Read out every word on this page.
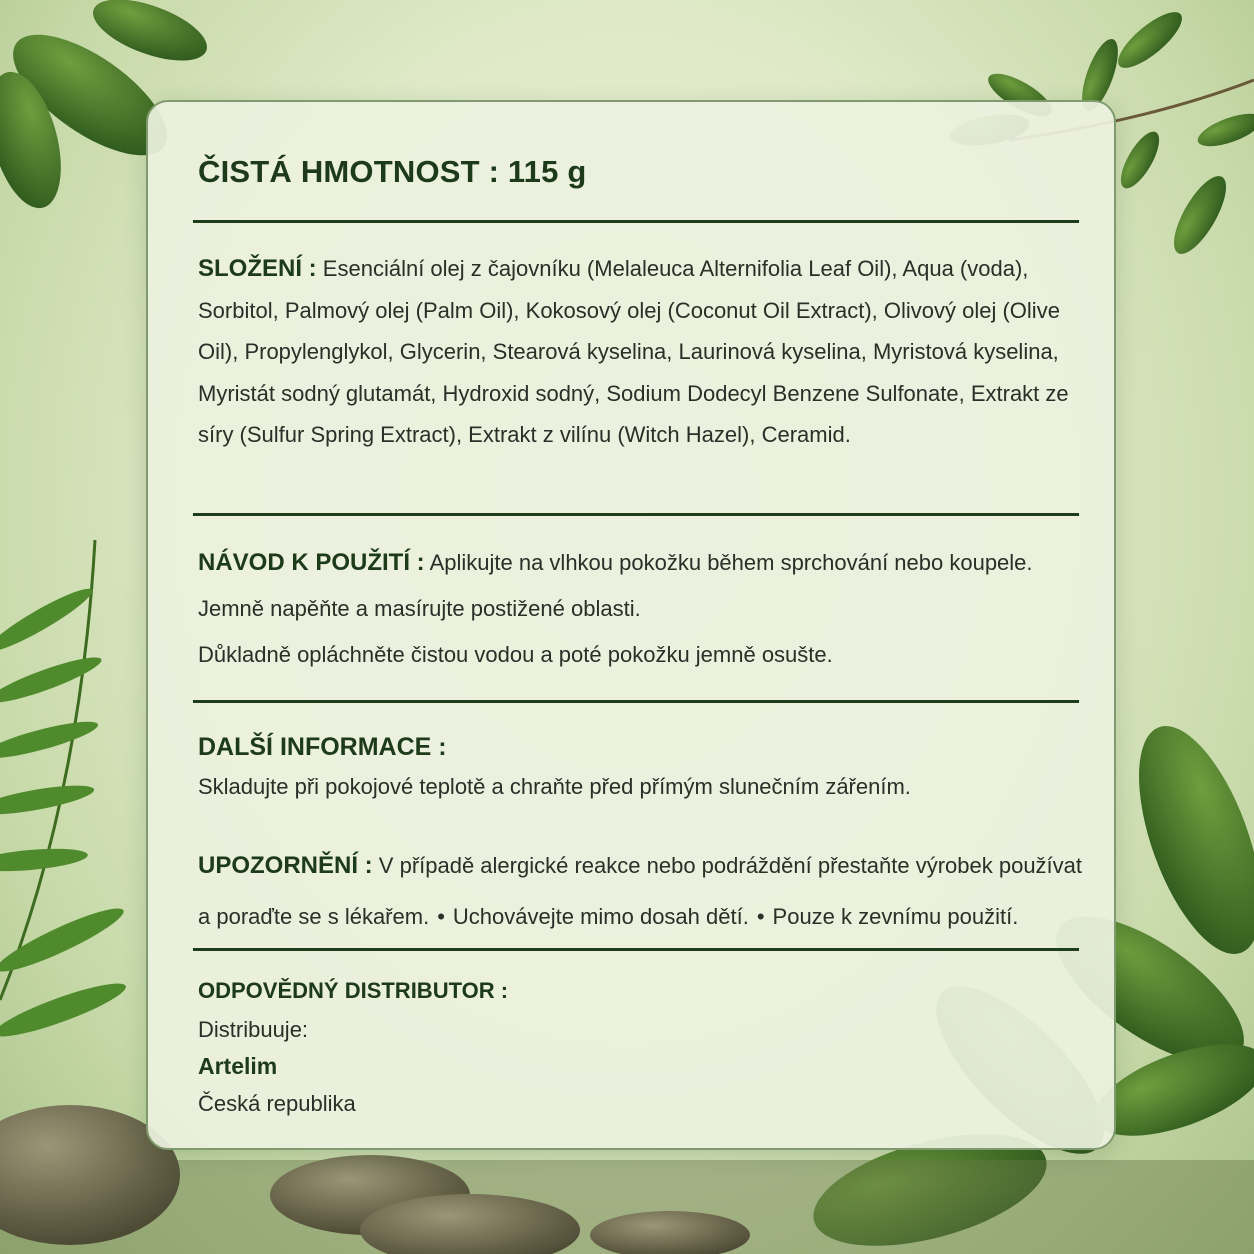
ČISTÁ HMOTNOST : 115 g
SLOŽENÍ : Esenciální olej z čajovníku (Melaleuca Alternifolia Leaf Oil), Aqua (voda), Sorbitol, Palmový olej (Palm Oil), Kokosový olej (Coconut Oil Extract), Olivový olej (Olive Oil), Propylenglykol, Glycerin, Stearová kyselina, Laurinová kyselina, Myristová kyselina, Myristát sodný glutamát, Hydroxid sodný, Sodium Dodecyl Benzene Sulfonate, Extrakt ze síry (Sulfur Spring Extract), Extrakt z vilínu (Witch Hazel), Ceramid.

NÁVOD K POUŽITÍ : Aplikujte na vlhkou pokožku během sprchování nebo koupele.

Jemně napěňte a masírujte postižené oblasti.

Důkladně opláchněte čistou vodou a poté pokožku jemně osušte.

DALŠÍ INFORMACE :
Skladujte při pokojové teplotě a chraňte před přímým slunečním zářením.

UPOZORNĚNÍ : V případě alergické reakce nebo podráždění přestaňte výrobek používat

a poraďte se s lékařem. • Uchovávejte mimo dosah dětí. • Pouze k zevnímu použití.

ODPOVĚDNÝ DISTRIBUTOR :
Distribuuje:
Artelim
Česká republika
